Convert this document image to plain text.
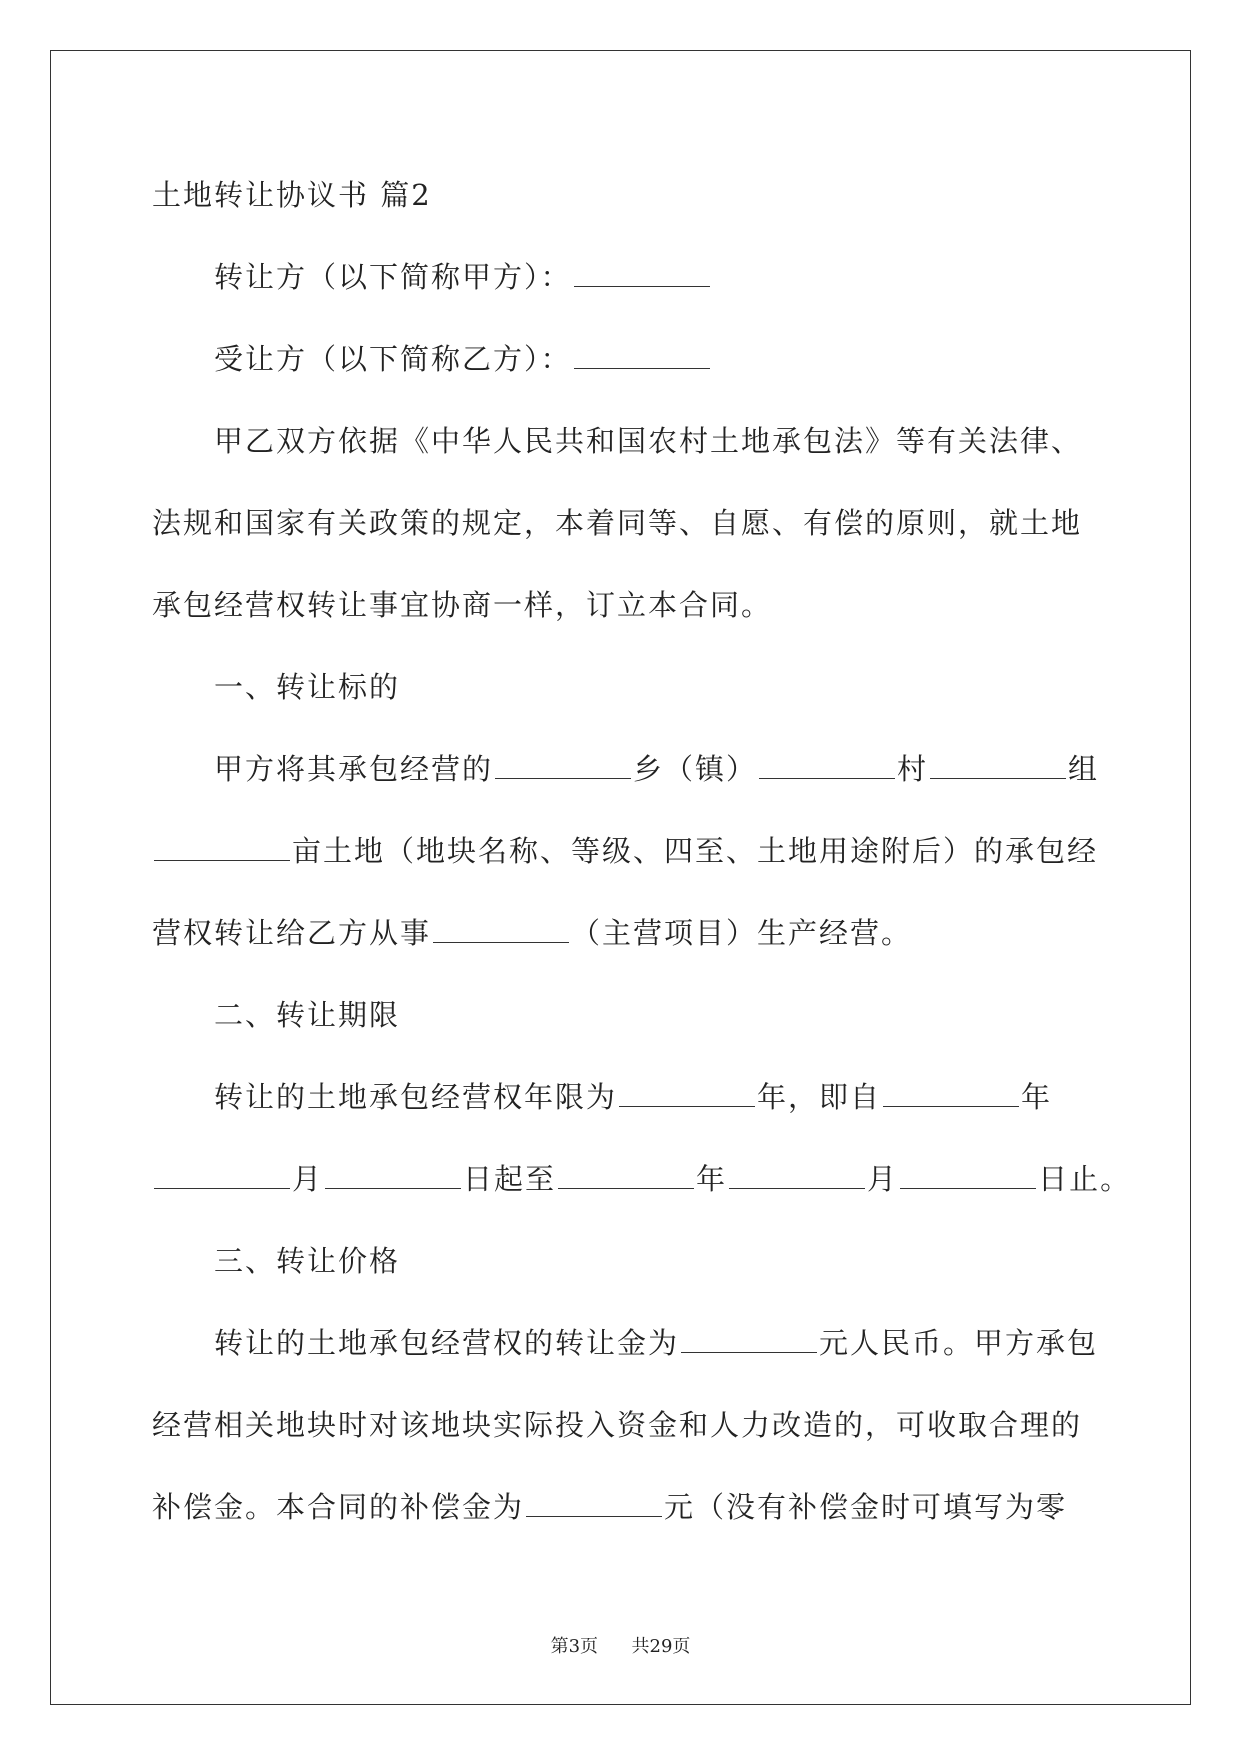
土地转让协议书 篇2
转让方（以下简称甲方）：
受让方（以下简称乙方）：
甲乙双方依据《中华人民共和国农村土地承包法》等有关法律、
法规和国家有关政策的规定，本着同等、自愿、有偿的原则，就土地
承包经营权转让事宜协商一样，订立本合同。
一、转让标的
甲方将其承包经营的	乡（镇）	村	组
亩土地（地块名称、等级、四至、土地用途附后）的承包经
营权转让给乙方从事	（主营项目）生产经营。
二、转让期限
转让的土地承包经营权年限为	年，即自	年
月	日起至	年	月	日止。
三、转让价格
转让的土地承包经营权的转让金为	元人民币。甲方承包
经营相关地块时对该地块实际投入资金和人力改造的，可收取合理的
补偿金。本合同的补偿金为	元（没有补偿金时可填写为零
第3页 共29页
